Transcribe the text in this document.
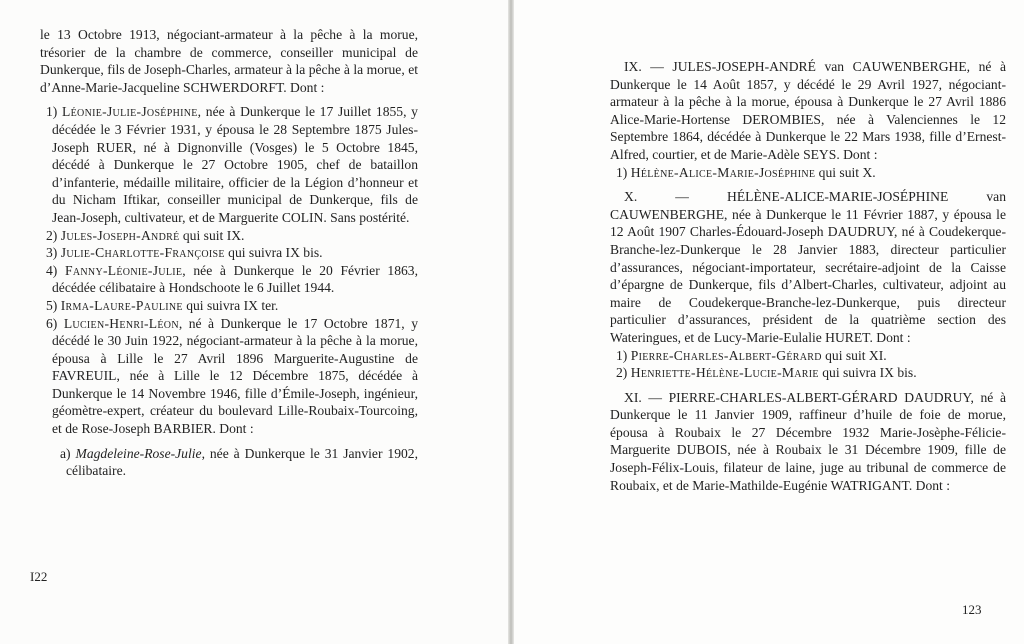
le 13 Octobre 1913, négociant-armateur à la pêche à la morue, trésorier de la chambre de commerce, conseiller municipal de Dunkerque, fils de Joseph-Charles, armateur à la pêche à la morue, et d’Anne-Marie-Jacqueline SCHWERDORFT. Dont :

1) Léonie-Julie-Joséphine, née à Dunkerque le 17 Juillet 1855, y décédée le 3 Février 1931, y épousa le 28 Septembre 1875 Jules-Joseph RUER, né à Dignonville (Vosges) le 5 Octobre 1845, décédé à Dunkerque le 27 Octobre 1905, chef de bataillon d’infanterie, médaille militaire, officier de la Légion d’honneur et du Nicham Iftikar, conseiller municipal de Dunkerque, fils de Jean-Joseph, cultivateur, et de Marguerite COLIN. Sans postérité.

2) Jules-Joseph-André qui suit IX.

3) Julie-Charlotte-Françoise qui suivra IX bis.

4) Fanny-Léonie-Julie, née à Dunkerque le 20 Février 1863, décédée célibataire à Hondschoote le 6 Juillet 1944.

5) Irma-Laure-Pauline qui suivra IX ter.

6) Lucien-Henri-Léon, né à Dunkerque le 17 Octobre 1871, y décédé le 30 Juin 1922, négociant-armateur à la pêche à la morue, épousa à Lille le 27 Avril 1896 Marguerite-Augustine de FAVREUIL, née à Lille le 12 Décembre 1875, décédée à Dunkerque le 14 Novembre 1946, fille d’Émile-Joseph, ingénieur, géomètre-expert, créateur du boulevard Lille-Roubaix-Tourcoing, et de Rose-Joseph BARBIER. Dont :

a) Magdeleine-Rose-Julie, née à Dunkerque le 31 Janvier 1902, célibataire.

I22

IX. — JULES-JOSEPH-ANDRÉ van CAUWENBERGHE, né à Dunkerque le 14 Août 1857, y décédé le 29 Avril 1927, négociant-armateur à la pêche à la morue, épousa à Dunkerque le 27 Avril 1886 Alice-Marie-Hortense DEROMBIES, née à Valenciennes le 12 Septembre 1864, décédée à Dunkerque le 22 Mars 1938, fille d’Ernest-Alfred, courtier, et de Marie-Adèle SEYS. Dont :

1) Hélène-Alice-Marie-Joséphine qui suit X.

X. —	HÉLÈNE-ALICE-MARIE-JOSÉPHINE van CAUWENBERGHE, née à Dunkerque le 11 Février 1887, y épousa le 12 Août 1907 Charles-Édouard-Joseph DAUDRUY, né à Coudekerque-Branche-lez-Dunkerque le 28 Janvier 1883, directeur particulier d’assurances, négociant-importateur, secrétaire-adjoint de la Caisse d’épargne de Dunkerque, fils d’Albert-Charles, cultivateur, adjoint au maire de Coudekerque-Branche-lez-Dunkerque, puis directeur particulier d’assurances, président de la quatrième section des Wateringues, et de Lucy-Marie-Eulalie HURET. Dont :

1) Pierre-Charles-Albert-Gérard qui suit XI.

2) Henriette-Hélène-Lucie-Marie qui suivra IX bis.

XI. — PIERRE-CHARLES-ALBERT-GÉRARD DAUDRUY, né à Dunkerque le 11 Janvier 1909, raffineur d’huile de foie de morue, épousa à Roubaix le 27 Décembre 1932 Marie-Josèphe-Félicie-Marguerite DUBOIS, née à Roubaix le 31 Décembre 1909, fille de Joseph-Félix-Louis, filateur de laine, juge au tribunal de commerce de Roubaix, et de Marie-Mathilde-Eugénie WATRIGANT. Dont :

123
